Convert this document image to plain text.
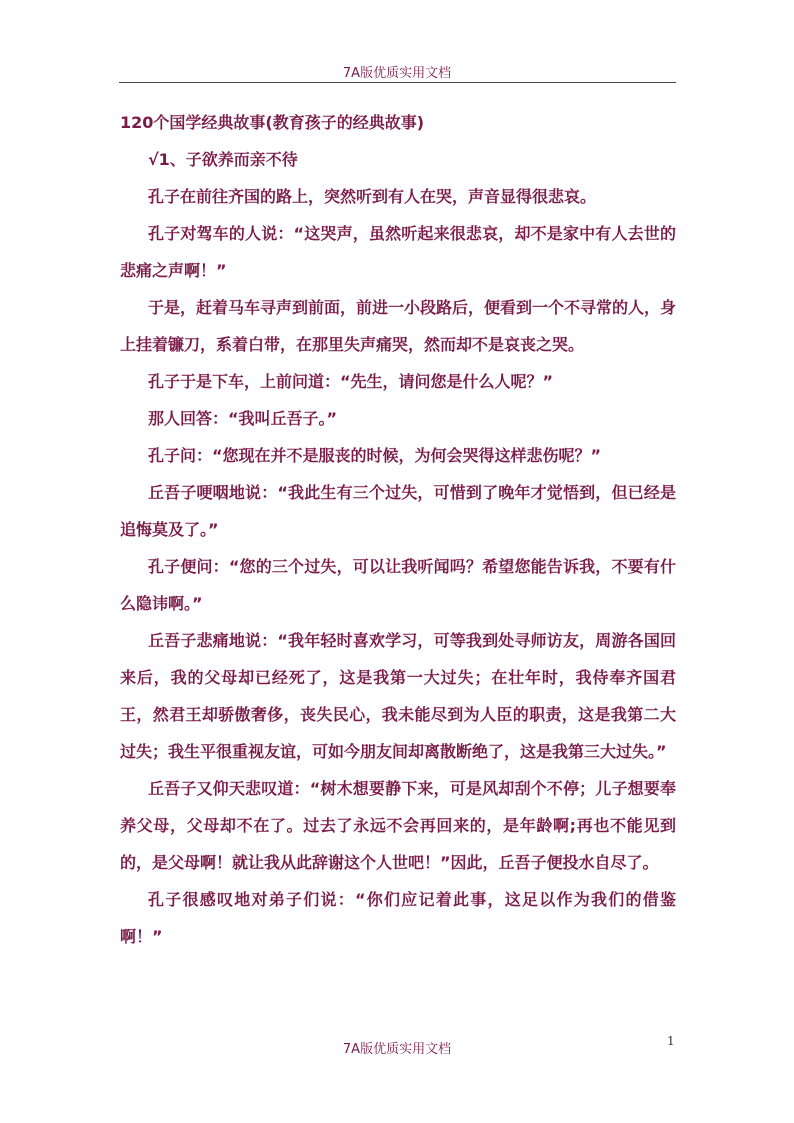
7A版优质实用文档

120个国学经典故事(教育孩子的经典故事)

√1、子欲养而亲不待

孔子在前往齐国的路上，突然听到有人在哭，声音显得很悲哀。

孔子对驾车的人说：“这哭声，虽然听起来很悲哀，却不是家中有人去世的悲痛之声啊！”

于是，赶着马车寻声到前面，前进一小段路后，便看到一个不寻常的人，身上挂着镰刀，系着白带，在那里失声痛哭，然而却不是哀丧之哭。

孔子于是下车，上前问道：“先生，请问您是什么人呢？”

那人回答：“我叫丘吾子。”

孔子问：“您现在并不是服丧的时候，为何会哭得这样悲伤呢？”

丘吾子哽咽地说：“我此生有三个过失，可惜到了晚年才觉悟到，但已经是追悔莫及了。”

孔子便问：“您的三个过失，可以让我听闻吗？希望您能告诉我，不要有什么隐讳啊。”

丘吾子悲痛地说：“我年轻时喜欢学习，可等我到处寻师访友，周游各国回来后，我的父母却已经死了，这是我第一大过失；在壮年时，我侍奉齐国君王，然君王却骄傲奢侈，丧失民心，我未能尽到为人臣的职责，这是我第二大过失；我生平很重视友谊，可如今朋友间却离散断绝了，这是我第三大过失。”

丘吾子又仰天悲叹道：“树木想要静下来，可是风却刮个不停；儿子想要奉养父母，父母却不在了。过去了永远不会再回来的，是年龄啊;再也不能见到的，是父母啊！就让我从此辞谢这个人世吧！”因此，丘吾子便投水自尽了。

孔子很感叹地对弟子们说：“你们应记着此事，这足以作为我们的借鉴啊！”

7A版优质实用文档
1
